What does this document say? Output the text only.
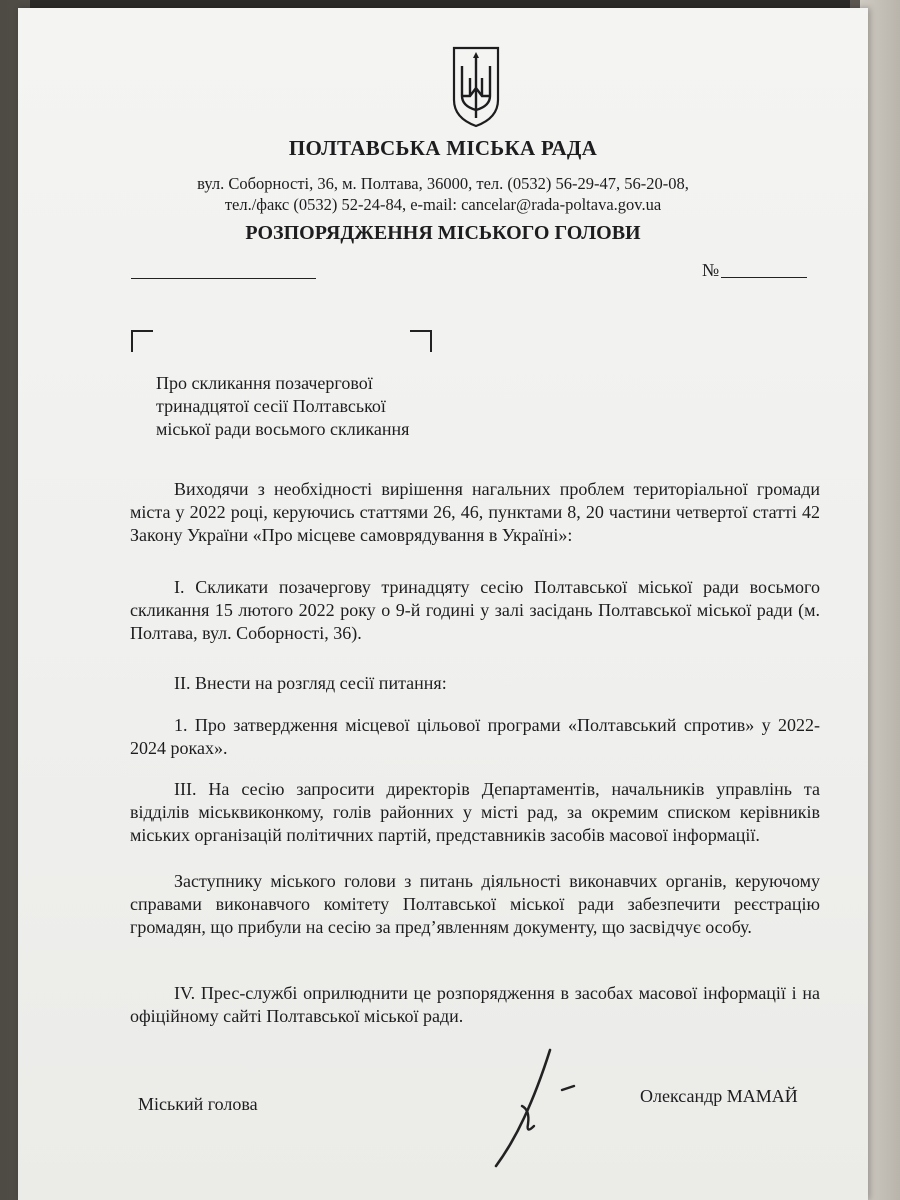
ПОЛТАВСЬКА МІСЬКА РАДА
вул. Соборності, 36, м. Полтава, 36000, тел. (0532) 56-29-47, 56-20-08,
тел./факс (0532) 52-24-84, e-mail: cancelar@rada-poltava.gov.ua
РОЗПОРЯДЖЕННЯ МІСЬКОГО ГОЛОВИ
№
Про скликання позачергової
тринадцятої сесії Полтавської
міської ради восьмого скликання
Виходячи з необхідності вирішення нагальних проблем територіальної громади міста у 2022 році, керуючись статтями 26, 46, пунктами 8, 20 частини четвертої статті 42 Закону України «Про місцеве самоврядування в Україні»:
I. Скликати позачергову тринадцяту сесію Полтавської міської ради восьмого скликання 15 лютого 2022 року о 9-й годині у залі засідань Полтавської міської ради (м. Полтава, вул. Соборності, 36).
II. Внести на розгляд сесії питання:
1. Про затвердження місцевої цільової програми «Полтавський спротив» у 2022-2024 роках».
III. На сесію запросити директорів Департаментів, начальників управлінь та відділів міськвиконкому, голів районних у місті рад, за окремим списком керівників міських організацій політичних партій, представників засобів масової інформації.
Заступнику міського голови з питань діяльності виконавчих органів, керуючому справами виконавчого комітету Полтавської міської ради забезпечити реєстрацію громадян, що прибули на сесію за пред’явленням документу, що засвідчує особу.
IV. Прес-службі оприлюднити це розпорядження в засобах масової інформації і на офіційному сайті Полтавської міської ради.
Міський голова	Олександр МАМАЙ
